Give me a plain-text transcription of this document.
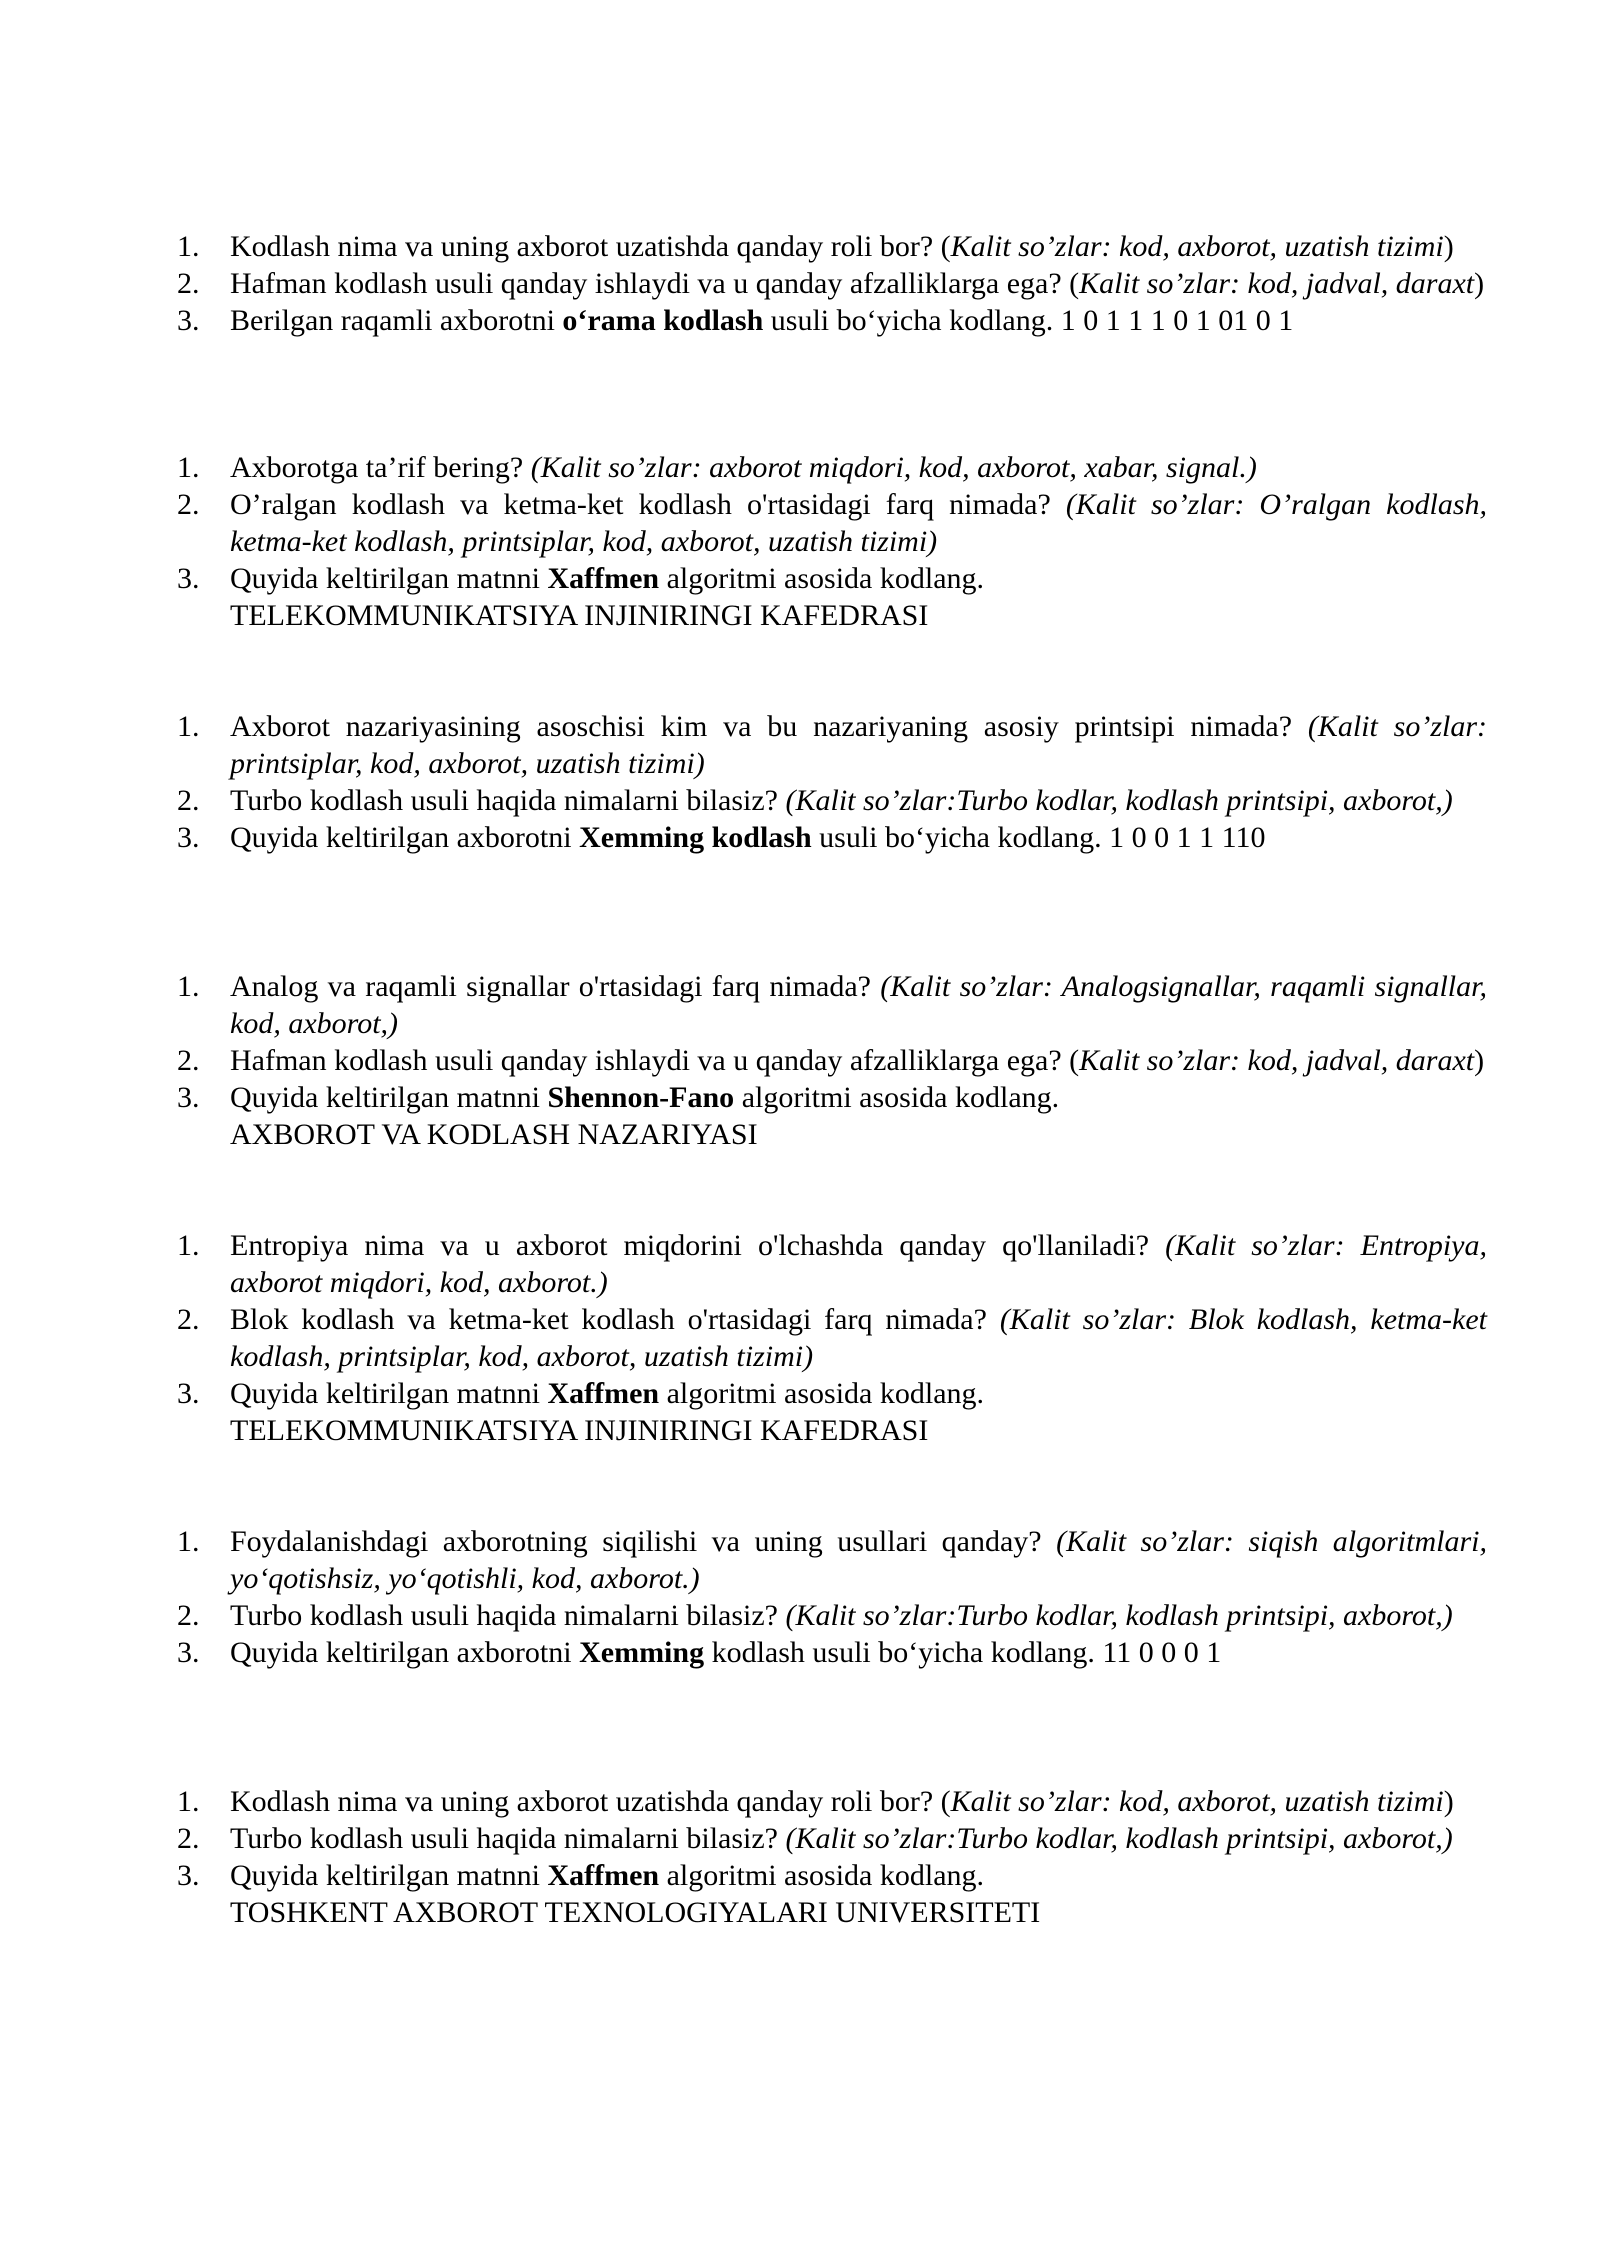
1.	Kodlash nima va uning axborot uzatishda qanday roli bor? (Kalit so’zlar: kod, axborot, uzatish tizimi)
2.	Hafman kodlash usuli qanday ishlaydi va u qanday afzalliklarga ega? (Kalit so’zlar: kod, jadval, daraxt)
3.	Berilgan raqamli axborotni o‘rama kodlash usuli bo‘yicha kodlang. 1 0 1 1 1 0 1 01 0 1
1.	Axborotga ta’rif bering? (Kalit so’zlar: axborot miqdori, kod, axborot, xabar, signal.)
2.	O’ralgan kodlash va ketma-ket kodlash o'rtasidagi farq nimada? (Kalit so’zlar: O’ralgan kodlash, ketma-ket kodlash, printsiplar, kod, axborot, uzatish tizimi)
3.	Quyida keltirilgan matnni Xaffmen algoritmi asosida kodlang.
TELEKOMMUNIKATSIYA INJINIRINGI KAFEDRASI
1.	Axborot nazariyasining asoschisi kim va bu nazariyaning asosiy printsipi nimada? (Kalit so’zlar: printsiplar, kod, axborot, uzatish tizimi)
2.	Turbo kodlash usuli haqida nimalarni bilasiz? (Kalit so’zlar:Turbo kodlar, kodlash printsipi, axborot,)
3.	Quyida keltirilgan axborotni Xemming kodlash usuli bo‘yicha kodlang. 1 0 0 1 1 110
1.	Analog va raqamli signallar o'rtasidagi farq nimada? (Kalit so’zlar: Analogsignallar, raqamli signallar, kod, axborot,)
2.	Hafman kodlash usuli qanday ishlaydi va u qanday afzalliklarga ega? (Kalit so’zlar: kod, jadval, daraxt)
3.	Quyida keltirilgan matnni Shennon-Fano algoritmi asosida kodlang.
AXBOROT VA KODLASH NAZARIYASI
1.	Entropiya nima va u axborot miqdorini o'lchashda qanday qo'llaniladi? (Kalit so’zlar: Entropiya, axborot miqdori, kod, axborot.)
2.	Blok kodlash va ketma-ket kodlash o'rtasidagi farq nimada? (Kalit so’zlar: Blok kodlash, ketma-ket kodlash, printsiplar, kod, axborot, uzatish tizimi)
3.	Quyida keltirilgan matnni Xaffmen algoritmi asosida kodlang.
TELEKOMMUNIKATSIYA INJINIRINGI KAFEDRASI
1.	Foydalanishdagi axborotning siqilishi va uning usullari qanday? (Kalit so’zlar: siqish algoritmlari, yo‘qotishsiz, yo‘qotishli, kod, axborot.)
2.	Turbo kodlash usuli haqida nimalarni bilasiz? (Kalit so’zlar:Turbo kodlar, kodlash printsipi, axborot,)
3.	Quyida keltirilgan axborotni Xemming kodlash usuli bo‘yicha kodlang. 11 0 0 0 1
1.	Kodlash nima va uning axborot uzatishda qanday roli bor? (Kalit so’zlar: kod, axborot, uzatish tizimi)
2.	Turbo kodlash usuli haqida nimalarni bilasiz? (Kalit so’zlar:Turbo kodlar, kodlash printsipi, axborot,)
3.	Quyida keltirilgan matnni Xaffmen algoritmi asosida kodlang.
TOSHKENT AXBOROT TEXNOLOGIYALARI UNIVERSITETI
